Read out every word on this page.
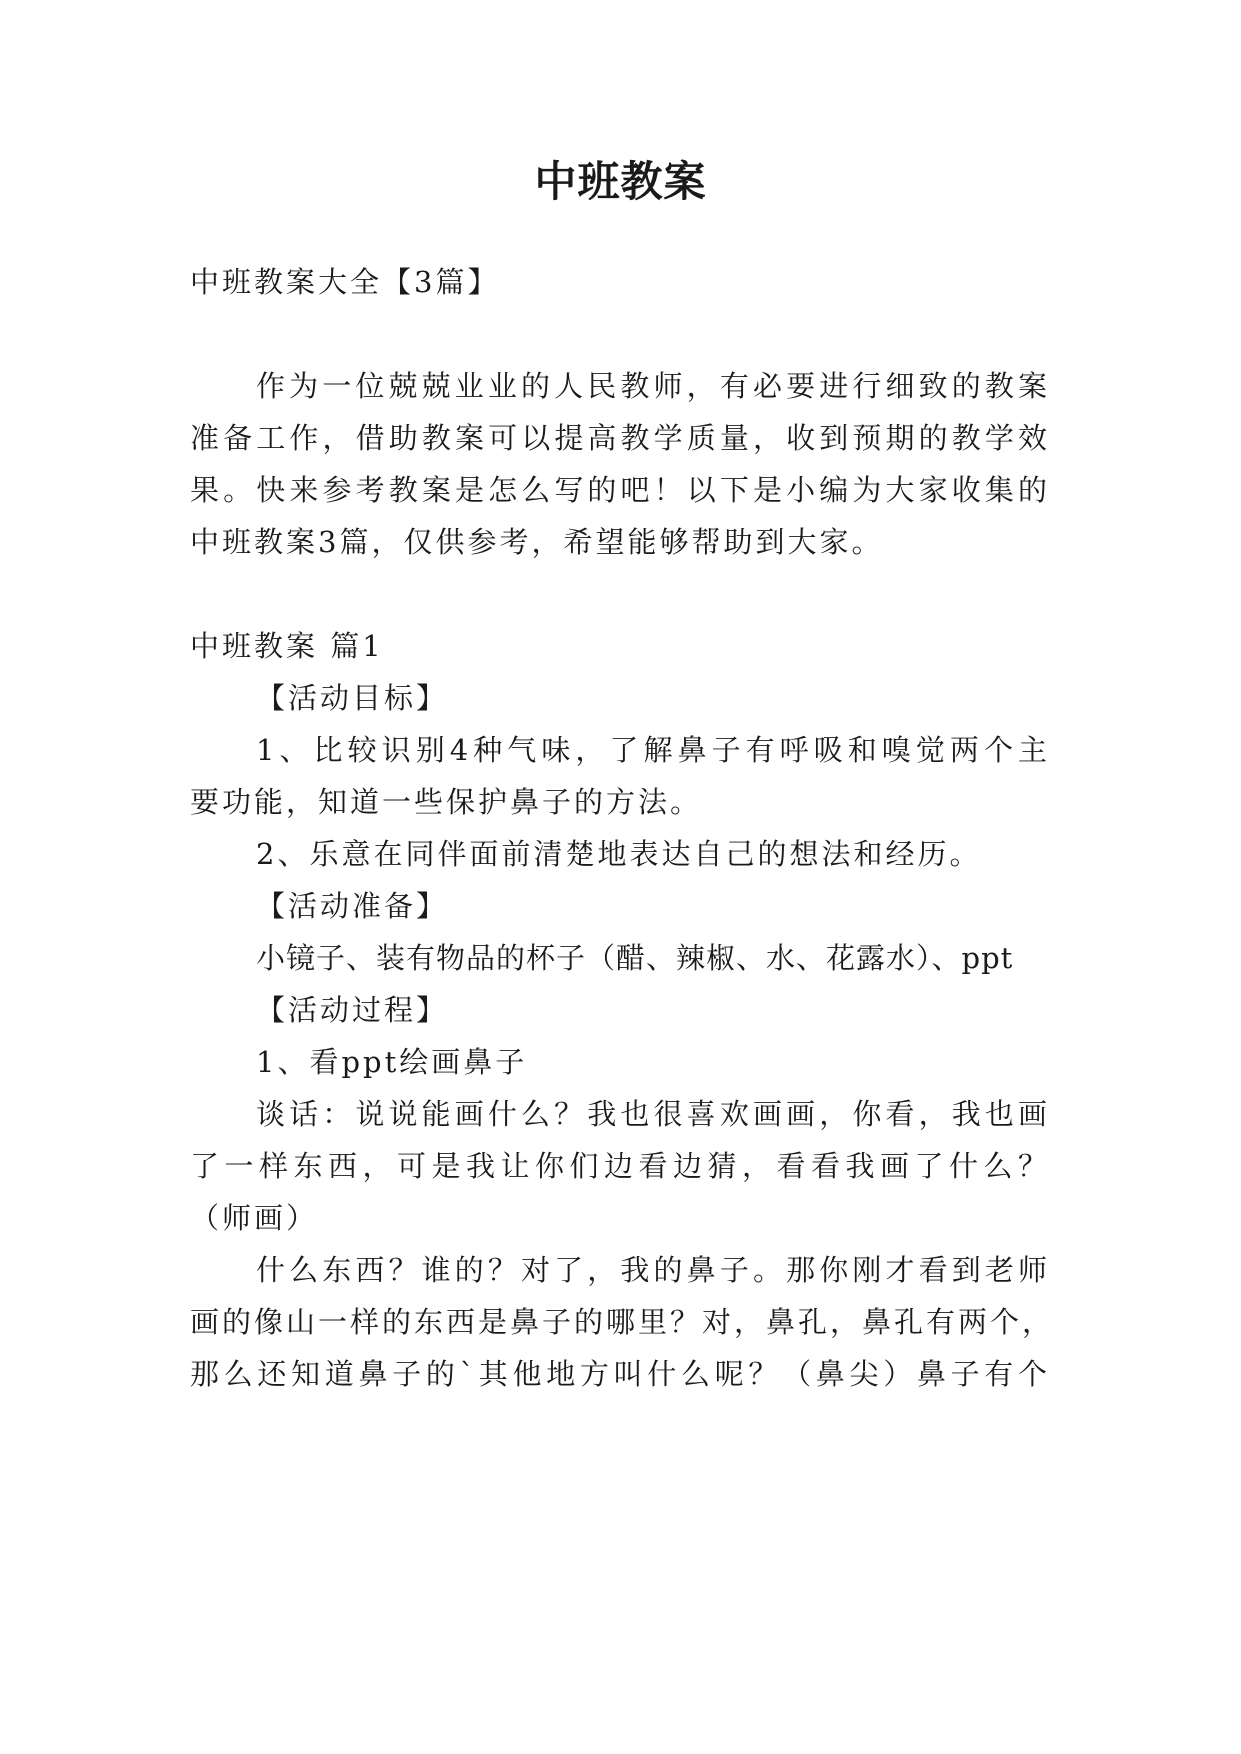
中班教案
中班教案大全【3篇】
作为一位兢兢业业的人民教师，有必要进行细致的教案
准备工作，借助教案可以提高教学质量，收到预期的教学效
果。快来参考教案是怎么写的吧！以下是小编为大家收集的
中班教案3篇，仅供参考，希望能够帮助到大家。
中班教案 篇1
【活动目标】
1、比较识别4种气味，了解鼻子有呼吸和嗅觉两个主
要功能，知道一些保护鼻子的方法。
2、乐意在同伴面前清楚地表达自己的想法和经历。
【活动准备】
小镜子、装有物品的杯子（醋、辣椒、水、花露水）、ppt
【活动过程】
1、看ppt绘画鼻子
谈话：说说能画什么？我也很喜欢画画，你看，我也画
了一样东西，可是我让你们边看边猜，看看我画了什么？
（师画）
什么东西？谁的？对了，我的鼻子。那你刚才看到老师
画的像山一样的东西是鼻子的哪里？对，鼻孔，鼻孔有两个，
那么还知道鼻子的`其他地方叫什么呢？（鼻尖）鼻子有个
